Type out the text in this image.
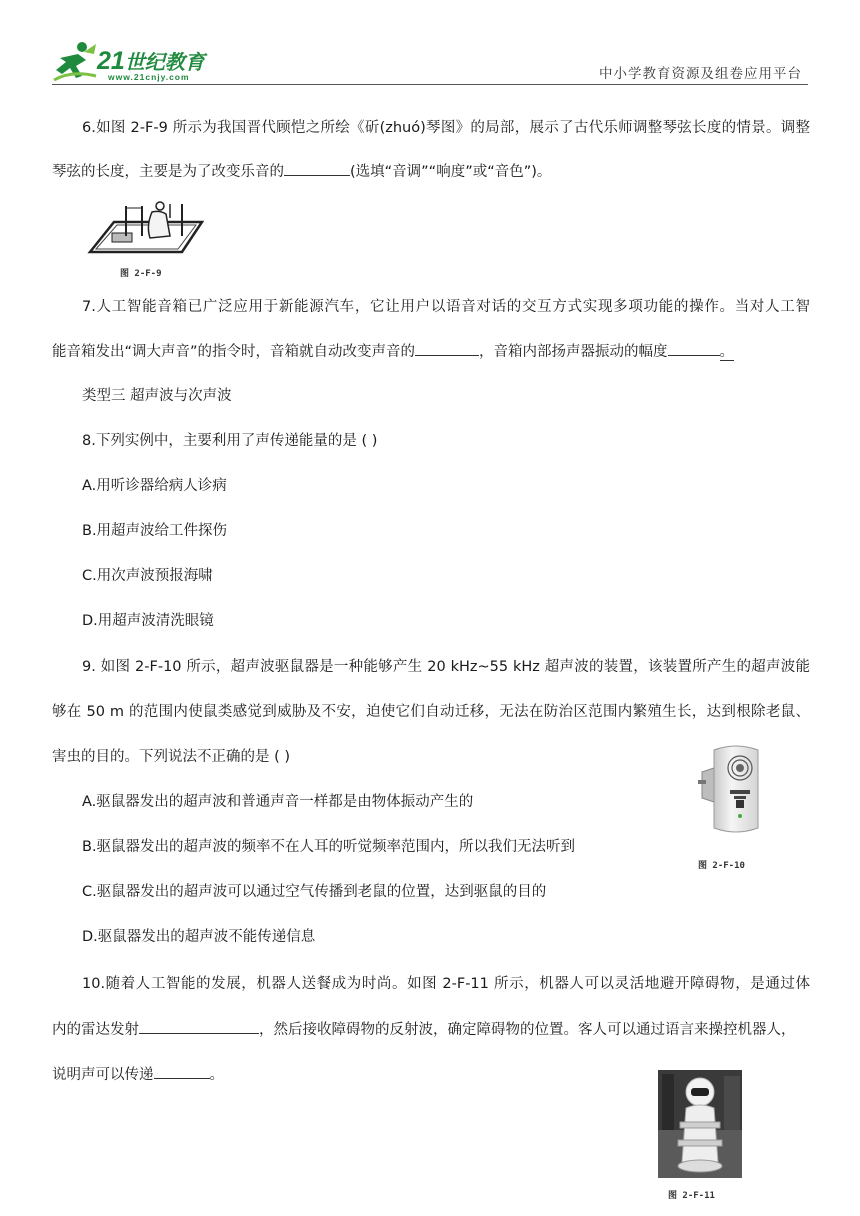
21世纪教育
www.21cnjy.com	中小学教育资源及组卷应用平台
6.如图 2-F-9 所示为我国晋代顾恺之所绘《斫(zhuó)琴图》的局部，展示了古代乐师调整琴弦长度的情景。调整
琴弦的长度，主要是为了改变乐音的	(选填“音调”“响度”或“音色”)。
图 2-F-9
7.人工智能音箱已广泛应用于新能源汽车，它让用户以语音对话的交互方式实现多项功能的操作。当对人工智
能音箱发出“调大声音”的指令时，音箱就自动改变声音的	，音箱内部扬声器振动的幅度	。
类型三 超声波与次声波
8.下列实例中，主要利用了声传递能量的是 ( )
A.用听诊器给病人诊病
B.用超声波给工件探伤
C.用次声波预报海啸
D.用超声波清洗眼镜
9. 如图 2-F-10 所示，超声波驱鼠器是一种能够产生 20 kHz~55 kHz 超声波的装置，该装置所产生的超声波能
够在 50 m 的范围内使鼠类感觉到威胁及不安，迫使它们自动迁移，无法在防治区范围内繁殖生长，达到根除老鼠、
害虫的目的。下列说法不正确的是 ( )
A.驱鼠器发出的超声波和普通声音一样都是由物体振动产生的
B.驱鼠器发出的超声波的频率不在人耳的听觉频率范围内，所以我们无法听到
C.驱鼠器发出的超声波可以通过空气传播到老鼠的位置，达到驱鼠的目的
D.驱鼠器发出的超声波不能传递信息
图 2-F-10
10.随着人工智能的发展，机器人送餐成为时尚。如图 2-F-11 所示，机器人可以灵活地避开障碍物，是通过体
内的雷达发射	，然后接收障碍物的反射波，确定障碍物的位置。客人可以通过语言来操控机器人，
说明声可以传递	。
图 2-F-11
